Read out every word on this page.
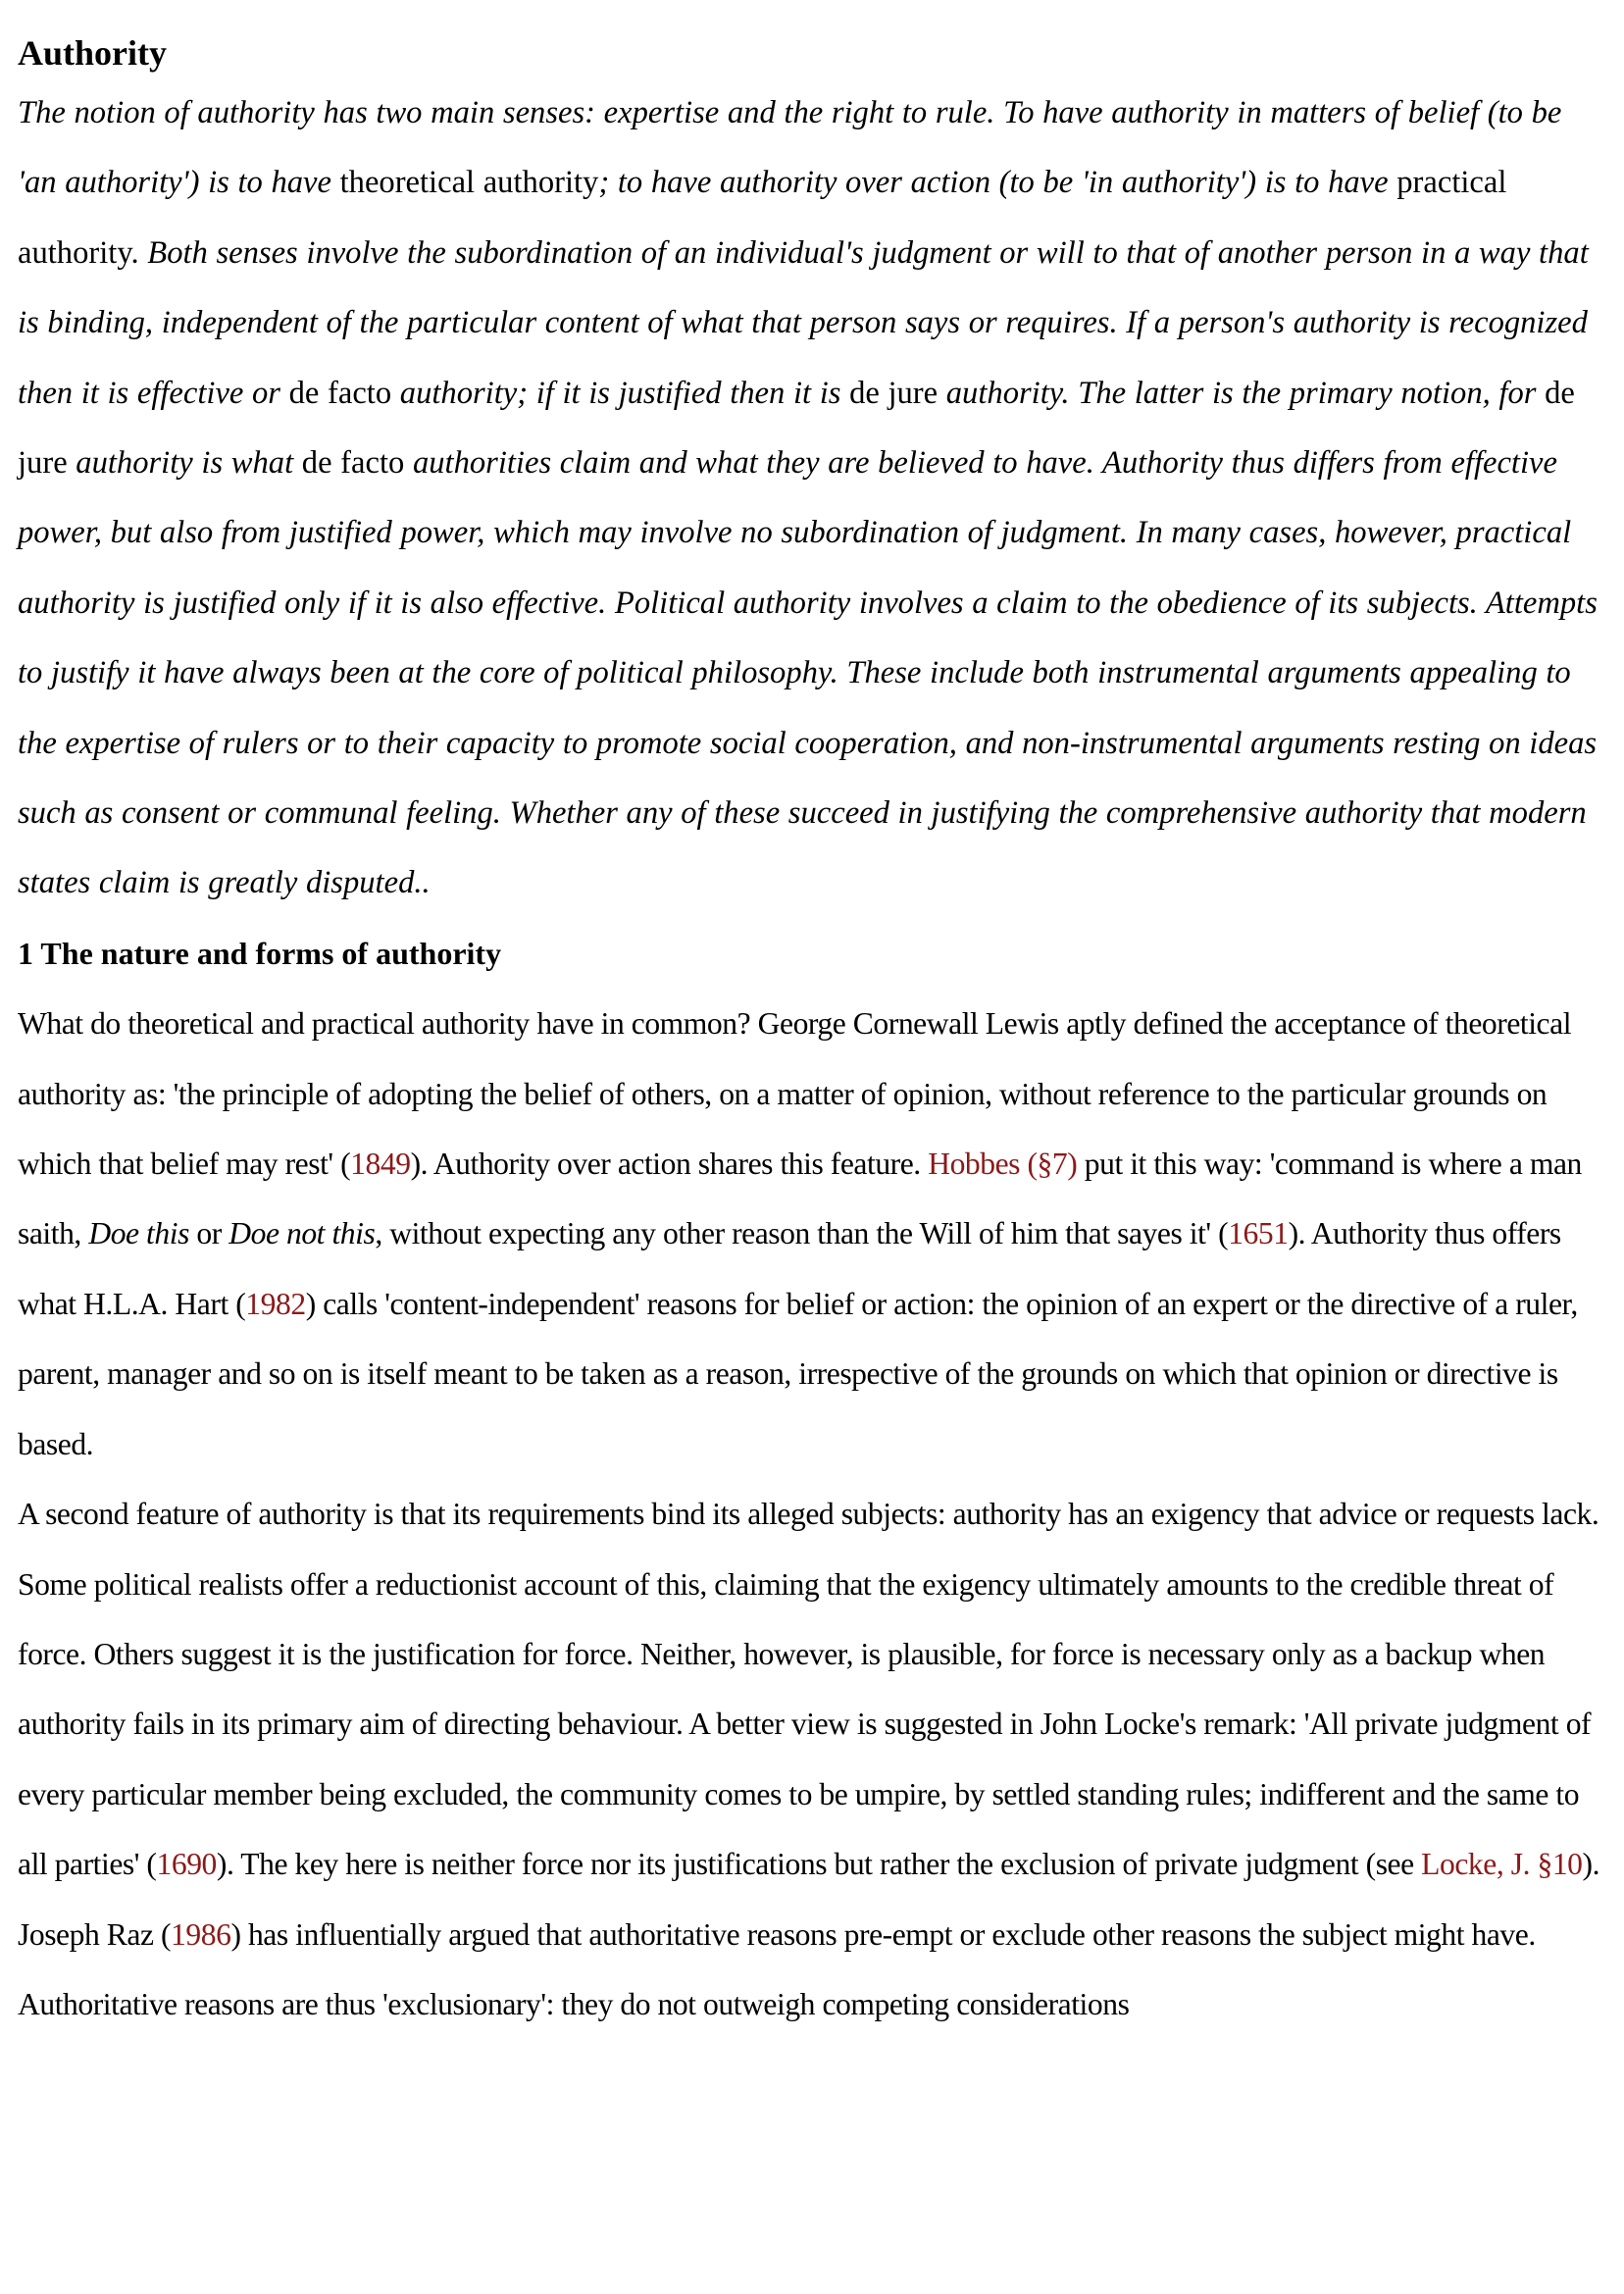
Authority

The notion of authority has two main senses: expertise and the right to rule. To have authority in matters of belief (to be 'an authority') is to have theoretical authority; to have authority over action (to be 'in authority') is to have practical authority. Both senses involve the subordination of an individual's judgment or will to that of another person in a way that is binding, independent of the particular content of what that person says or requires. If a person's authority is recognized then it is effective or de facto authority; if it is justified then it is de jure authority. The latter is the primary notion, for de jure authority is what de facto authorities claim and what they are believed to have. Authority thus differs from effective power, but also from justified power, which may involve no subordination of judgment. In many cases, however, practical authority is justified only if it is also effective. Political authority involves a claim to the obedience of its subjects. Attempts to justify it have always been at the core of political philosophy. These include both instrumental arguments appealing to the expertise of rulers or to their capacity to promote social cooperation, and non-instrumental arguments resting on ideas such as consent or communal feeling. Whether any of these succeed in justifying the comprehensive authority that modern states claim is greatly disputed..

1 The nature and forms of authority

What do theoretical and practical authority have in common? George Cornewall Lewis aptly defined the acceptance of theoretical authority as: 'the principle of adopting the belief of others, on a matter of opinion, without reference to the particular grounds on which that belief may rest' (1849). Authority over action shares this feature. Hobbes (§7) put it this way: 'command is where a man saith, Doe this or Doe not this, without expecting any other reason than the Will of him that sayes it' (1651). Authority thus offers what H.L.A. Hart (1982) calls 'content-independent' reasons for belief or action: the opinion of an expert or the directive of a ruler, parent, manager and so on is itself meant to be taken as a reason, irrespective of the grounds on which that opinion or directive is based.

A second feature of authority is that its requirements bind its alleged subjects: authority has an exigency that advice or requests lack. Some political realists offer a reductionist account of this, claiming that the exigency ultimately amounts to the credible threat of force. Others suggest it is the justification for force. Neither, however, is plausible, for force is necessary only as a backup when authority fails in its primary aim of directing behaviour. A better view is suggested in John Locke's remark: 'All private judgment of every particular member being excluded, the community comes to be umpire, by settled standing rules; indifferent and the same to all parties' (1690). The key here is neither force nor its justifications but rather the exclusion of private judgment (see Locke, J. §10). Joseph Raz (1986) has influentially argued that authoritative reasons pre-empt or exclude other reasons the subject might have. Authoritative reasons are thus 'exclusionary': they do not outweigh competing considerations
